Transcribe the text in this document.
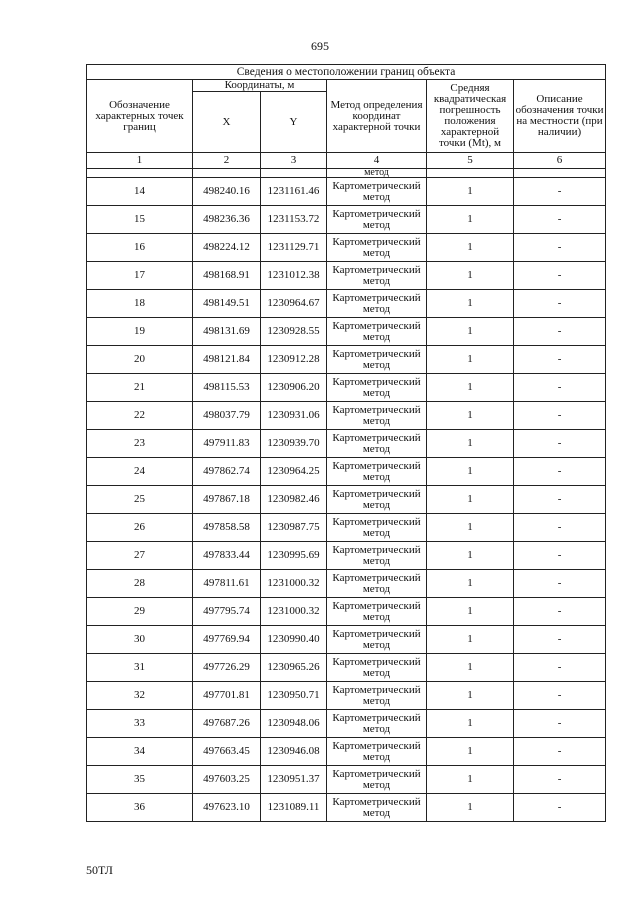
695
Сведения о местоположении границ объекта					
Обозначение характерных точек границ	Координаты, м		Метод определения координат характерной точки	Средняя квадратическая погрешность положения характерной точки (Mt), м	Описание обозначения точки на местности (при наличии)
	X	Y			
1	2	3	4	5	6
			метод		
14	498240.16	1231161.46	Картометрический метод	1	-
15	498236.36	1231153.72	Картометрический метод	1	-
16	498224.12	1231129.71	Картометрический метод	1	-
17	498168.91	1231012.38	Картометрический метод	1	-
18	498149.51	1230964.67	Картометрический метод	1	-
19	498131.69	1230928.55	Картометрический метод	1	-
20	498121.84	1230912.28	Картометрический метод	1	-
21	498115.53	1230906.20	Картометрический метод	1	-
22	498037.79	1230931.06	Картометрический метод	1	-
23	497911.83	1230939.70	Картометрический метод	1	-
24	497862.74	1230964.25	Картометрический метод	1	-
25	497867.18	1230982.46	Картометрический метод	1	-
26	497858.58	1230987.75	Картометрический метод	1	-
27	497833.44	1230995.69	Картометрический метод	1	-
28	497811.61	1231000.32	Картометрический метод	1	-
29	497795.74	1231000.32	Картометрический метод	1	-
30	497769.94	1230990.40	Картометрический метод	1	-
31	497726.29	1230965.26	Картометрический метод	1	-
32	497701.81	1230950.71	Картометрический метод	1	-
33	497687.26	1230948.06	Картометрический метод	1	-
34	497663.45	1230946.08	Картометрический метод	1	-
35	497603.25	1230951.37	Картометрический метод	1	-
36	497623.10	1231089.11	Картометрический метод	1	-
50ТЛ
